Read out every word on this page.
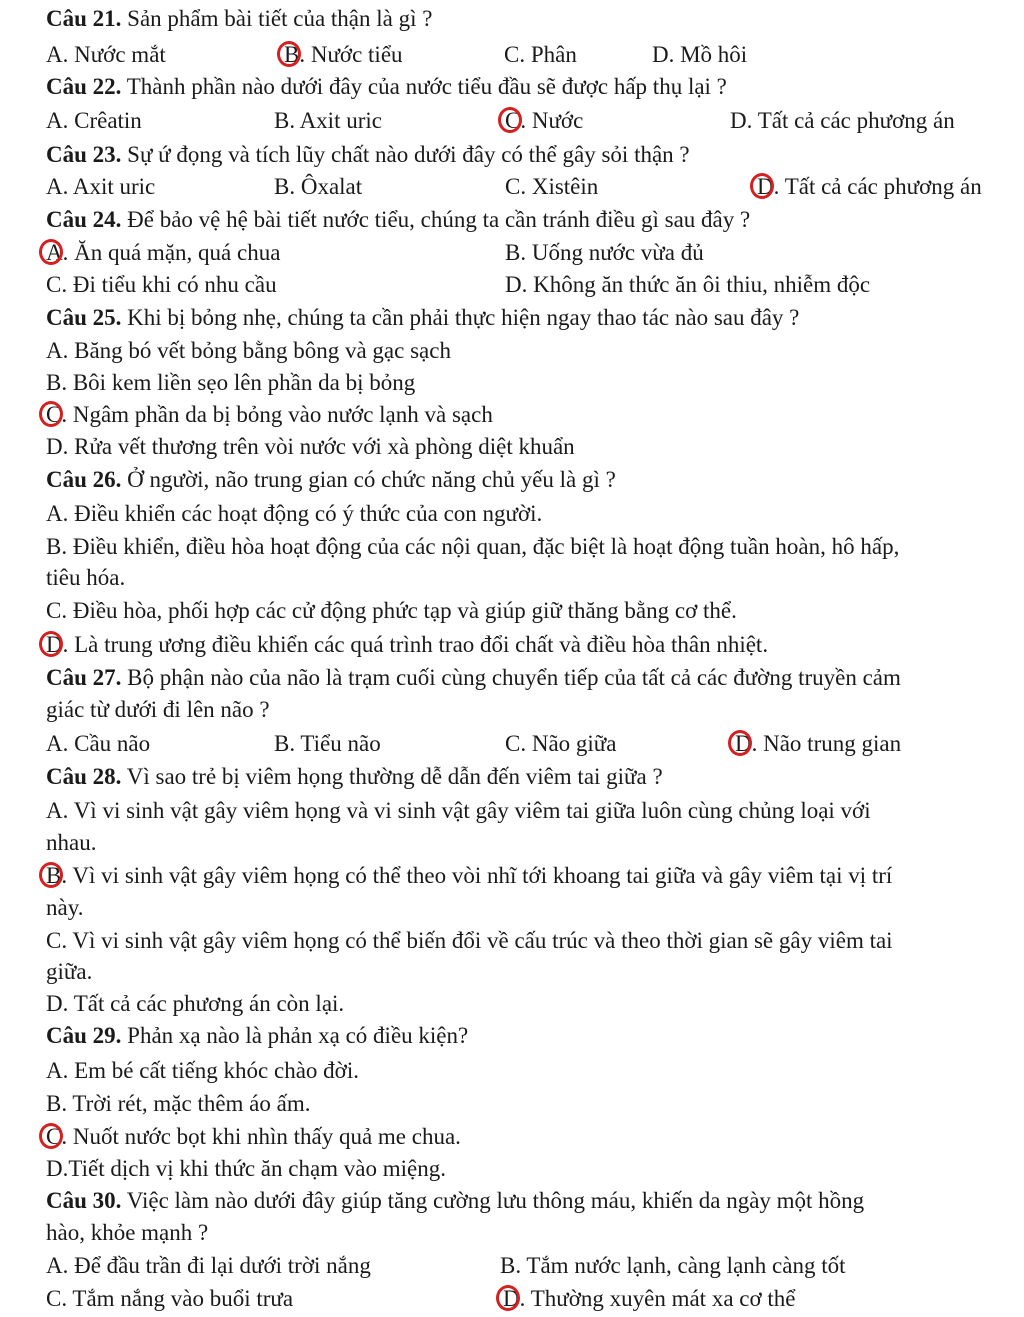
Câu 21. Sản phẩm bài tiết của thận là gì ?
A. Nước mắt	B. Nước tiểu	C. Phân	D. Mồ hôi
Câu 22. Thành phần nào dưới đây của nước tiểu đầu sẽ được hấp thụ lại ?
A. Crêatin	B. Axit uric	C. Nước	D. Tất cả các phương án
Câu 23. Sự ứ đọng và tích lũy chất nào dưới đây có thể gây sỏi thận ?
A. Axit uric	B. Ôxalat	C. Xistêin	D. Tất cả các phương án
Câu 24. Để bảo vệ hệ bài tiết nước tiểu, chúng ta cần tránh điều gì sau đây ?
A. Ăn quá mặn, quá chua	B. Uống nước vừa đủ
C. Đi tiểu khi có nhu cầu	D. Không ăn thức ăn ôi thiu, nhiễm độc
Câu 25. Khi bị bỏng nhẹ, chúng ta cần phải thực hiện ngay thao tác nào sau đây ?
A. Băng bó vết bỏng bằng bông và gạc sạch
B. Bôi kem liền sẹo lên phần da bị bỏng
C. Ngâm phần da bị bỏng vào nước lạnh và sạch
D. Rửa vết thương trên vòi nước với xà phòng diệt khuẩn
Câu 26. Ở người, não trung gian có chức năng chủ yếu là gì ?
A. Điều khiển các hoạt động có ý thức của con người.
B. Điều khiển, điều hòa hoạt động của các nội quan, đặc biệt là hoạt động tuần hoàn, hô hấp,
tiêu hóa.
C. Điều hòa, phối hợp các cử động phức tạp và giúp giữ thăng bằng cơ thể.
D. Là trung ương điều khiển các quá trình trao đổi chất và điều hòa thân nhiệt.
Câu 27. Bộ phận nào của não là trạm cuối cùng chuyển tiếp của tất cả các đường truyền cảm
giác từ dưới đi lên não ?
A. Cầu não	B. Tiểu não	C. Não giữa	D. Não trung gian
Câu 28. Vì sao trẻ bị viêm họng thường dễ dẫn đến viêm tai giữa ?
A. Vì vi sinh vật gây viêm họng và vi sinh vật gây viêm tai giữa luôn cùng chủng loại với
nhau.
B. Vì vi sinh vật gây viêm họng có thể theo vòi nhĩ tới khoang tai giữa và gây viêm tại vị trí
này.
C. Vì vi sinh vật gây viêm họng có thể biến đổi về cấu trúc và theo thời gian sẽ gây viêm tai
giữa.
D. Tất cả các phương án còn lại.
Câu 29. Phản xạ nào là phản xạ có điều kiện?
A. Em bé cất tiếng khóc chào đời.
B. Trời rét, mặc thêm áo ấm.
C. Nuốt nước bọt khi nhìn thấy quả me chua.
D.Tiết dịch vị khi thức ăn chạm vào miệng.
Câu 30. Việc làm nào dưới đây giúp tăng cường lưu thông máu, khiến da ngày một hồng
hào, khỏe mạnh ?
A. Để đầu trần đi lại dưới trời nắng	B. Tắm nước lạnh, càng lạnh càng tốt
C. Tắm nắng vào buổi trưa	D. Thường xuyên mát xa cơ thể
